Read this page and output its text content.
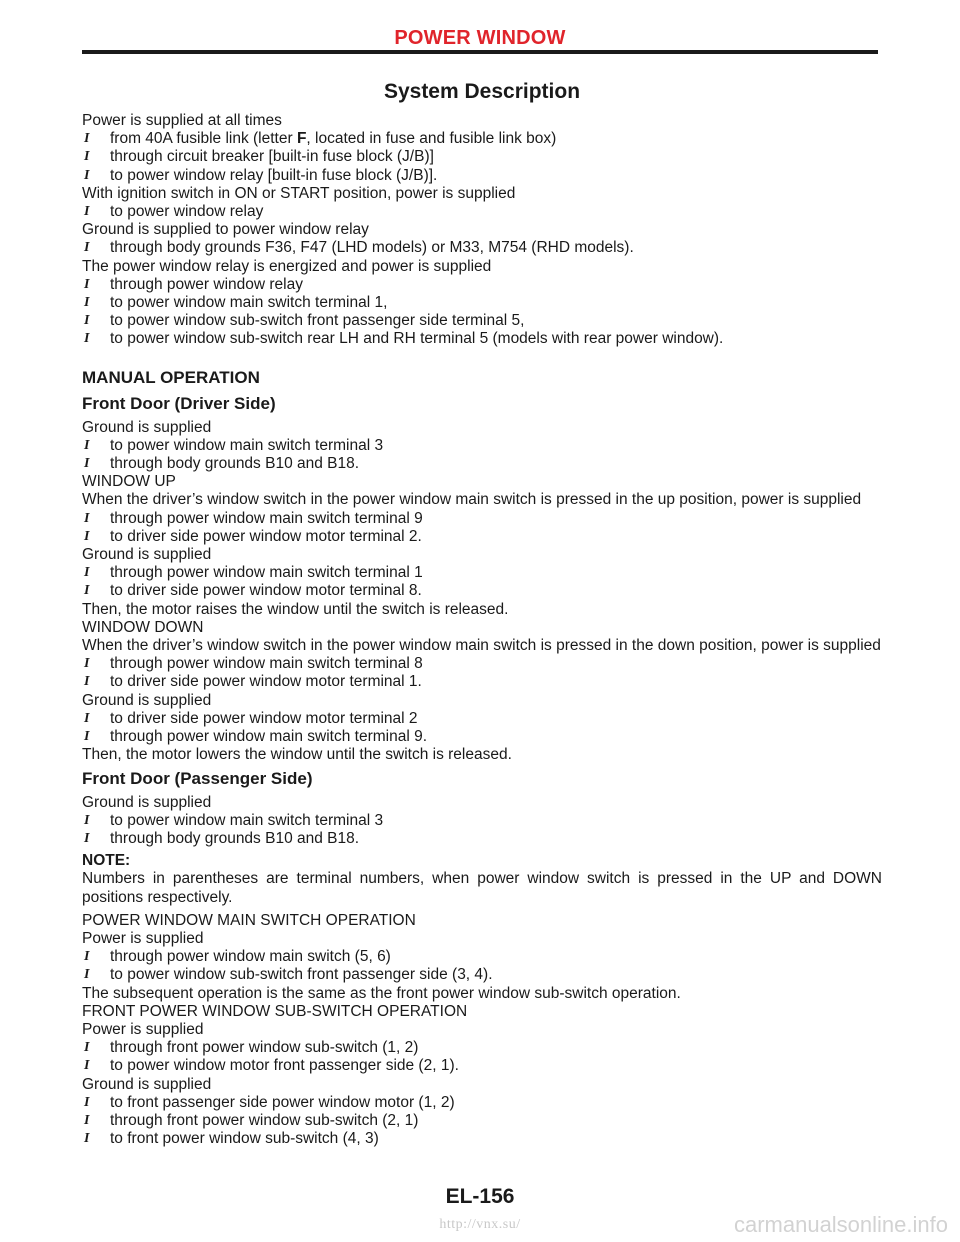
POWER WINDOW
System Description
Power is supplied at all times
I	from 40A fusible link (letter F, located in fuse and fusible link box)
I	through circuit breaker [built-in fuse block (J/B)]
I	to power window relay [built-in fuse block (J/B)].
With ignition switch in ON or START position, power is supplied
I	to power window relay
Ground is supplied to power window relay
I	through body grounds F36, F47 (LHD models) or M33, M754 (RHD models).
The power window relay is energized and power is supplied
I	through power window relay
I	to power window main switch terminal 1,
I	to power window sub-switch front passenger side terminal 5,
I	to power window sub-switch rear LH and RH terminal 5 (models with rear power window).
MANUAL OPERATION
Front Door (Driver Side)
Ground is supplied
I	to power window main switch terminal 3
I	through body grounds B10 and B18.
WINDOW UP
When the driver’s window switch in the power window main switch is pressed in the up position, power is supplied
I	through power window main switch terminal 9
I	to driver side power window motor terminal 2.
Ground is supplied
I	through power window main switch terminal 1
I	to driver side power window motor terminal 8.
Then, the motor raises the window until the switch is released.
WINDOW DOWN
When the driver’s window switch in the power window main switch is pressed in the down position, power is supplied
I	through power window main switch terminal 8
I	to driver side power window motor terminal 1.
Ground is supplied
I	to driver side power window motor terminal 2
I	through power window main switch terminal 9.
Then, the motor lowers the window until the switch is released.
Front Door (Passenger Side)
Ground is supplied
I	to power window main switch terminal 3
I	through body grounds B10 and B18.
NOTE:
Numbers in parentheses are terminal numbers, when power window switch is pressed in the UP and DOWN positions respectively.
POWER WINDOW MAIN SWITCH OPERATION
Power is supplied
I	through power window main switch (5, 6)
I	to power window sub-switch front passenger side (3, 4).
The subsequent operation is the same as the front power window sub-switch operation.
FRONT POWER WINDOW SUB-SWITCH OPERATION
Power is supplied
I	through front power window sub-switch (1, 2)
I	to power window motor front passenger side (2, 1).
Ground is supplied
I	to front passenger side power window motor (1, 2)
I	through front power window sub-switch (2, 1)
I	to front power window sub-switch (4, 3)
EL-156
http://vnx.su/	carmanualsonline.info
